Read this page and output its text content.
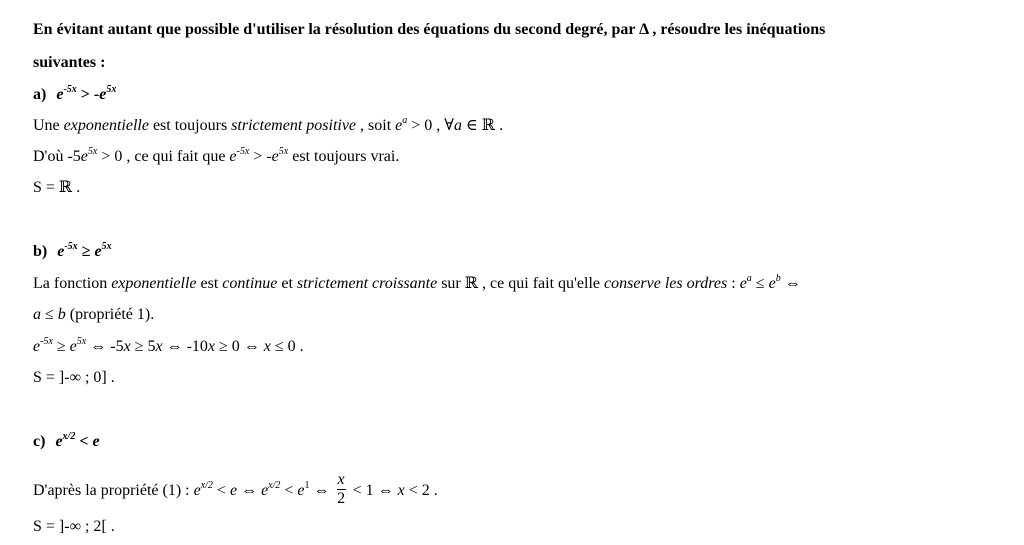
En évitant autant que possible d'utiliser la résolution des équations du second degré, par Δ , résoudre les inéquations
suivantes :
a) $e^{-5x} > -e^{5x}$
Une exponentielle est toujours strictement positive , soit $e^a > 0$ , ∀a ∈ ℝ .
D'où $-5e^{5x} > 0$ , ce qui fait que $e^{-5x} > -e^{5x}$ est toujours vrai.
S = ℝ .
b) $e^{-5x} \ge e^{5x}$
La fonction exponentielle est continue et strictement croissante sur ℝ , ce qui fait qu'elle conserve les ordres : $e^a \le e^b$ ⇔
a ≤ b (propriété 1).
$e^{-5x} \ge e^{5x}$ ⇔ -5x ≥ 5x ⇔ -10x ≥ 0 ⇔ x ≤ 0 .
S = ]-∞ ; 0] .
c) $e^{x/2} < e$
D'après la propriété (1) : $e^{x/2} < e$ ⇔ $e^{x/2} < e^1$ ⇔ $\frac{x}{2} < 1$ ⇔ x < 2 .
S = ]-∞ ; 2[ .
